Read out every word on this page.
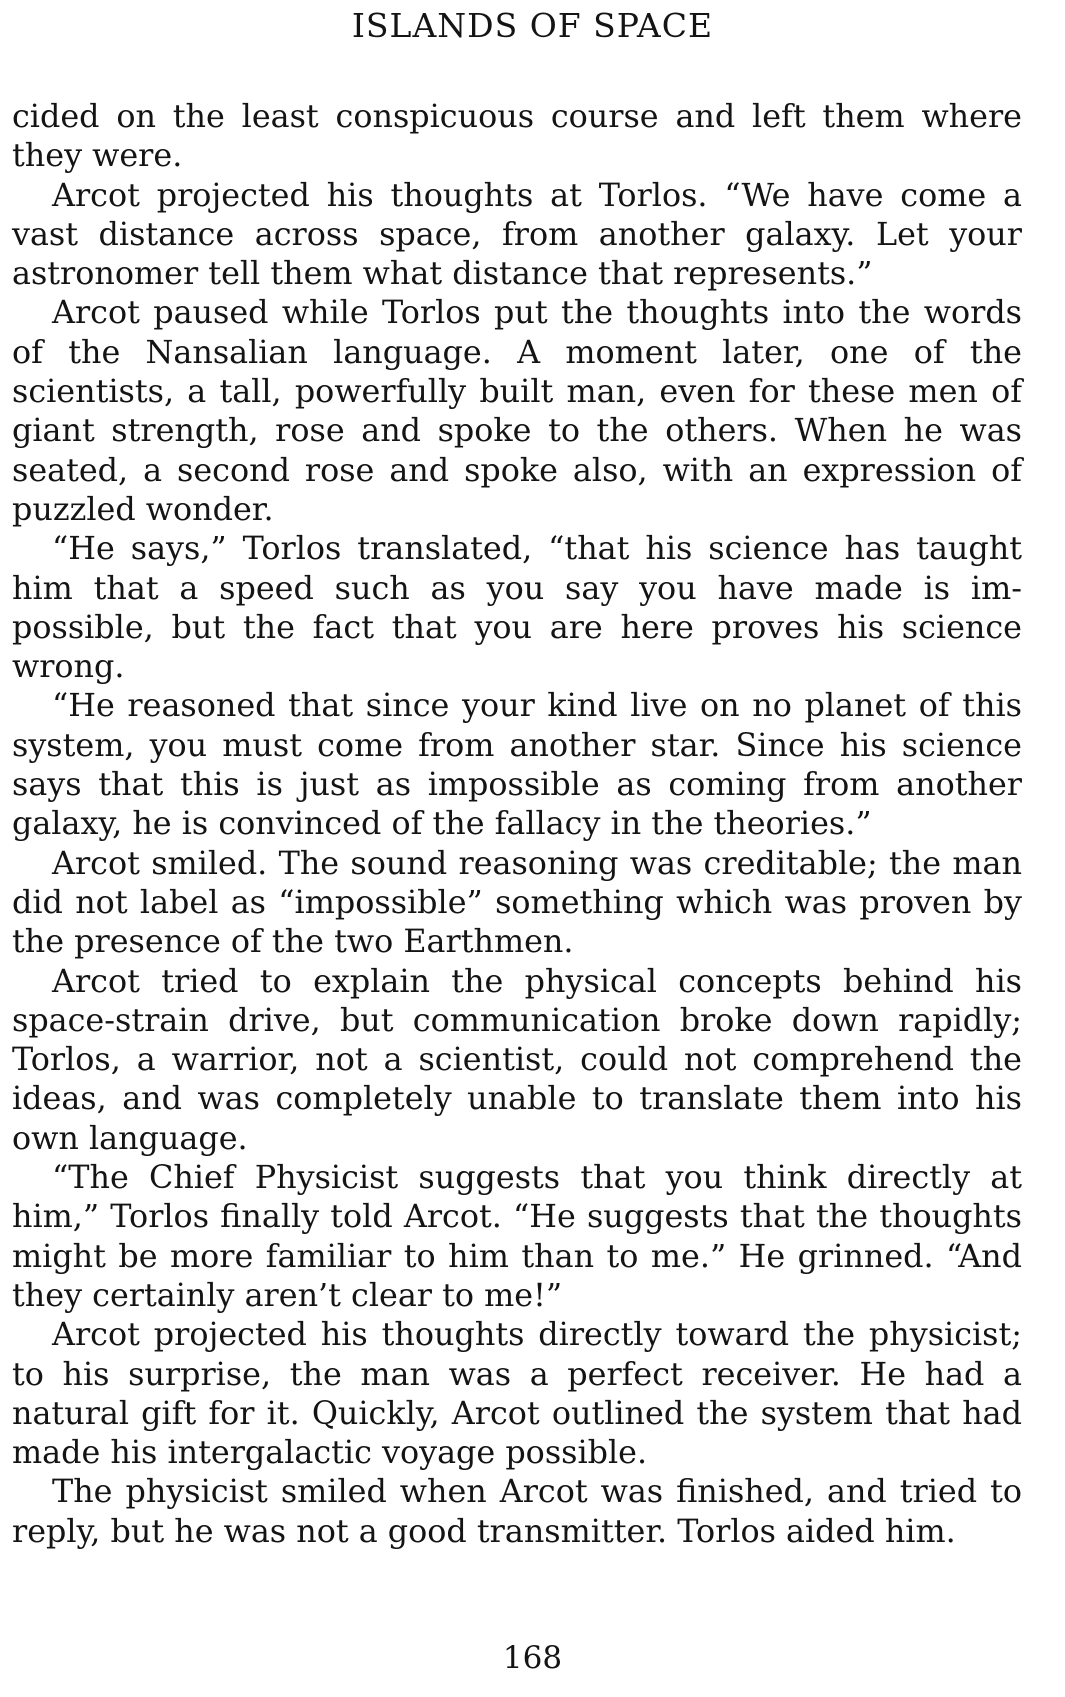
ISLANDS OF SPACE

cided on the least conspicuous course and left them where they were.

Arcot projected his thoughts at Torlos. “We have come a vast distance across space, from another galaxy. Let your astronomer tell them what distance that represents.”

Arcot paused while Torlos put the thoughts into the words of the Nansalian language. A moment later, one of the scientists, a tall, powerfully built man, even for these men of giant strength, rose and spoke to the others. When he was seated, a second rose and spoke also, with an expression of puzzled wonder.

“He says,” Torlos translated, “that his science has taught him that a speed such as you say you have made is impossible, but the fact that you are here proves his science wrong.

“He reasoned that since your kind live on no planet of this system, you must come from another star. Since his science says that this is just as impossible as coming from another galaxy, he is convinced of the fallacy in the theories.”

Arcot smiled. The sound reasoning was creditable; the man did not label as “impossible” something which was proven by the presence of the two Earthmen.

Arcot tried to explain the physical concepts behind his space-strain drive, but communication broke down rapidly; Torlos, a warrior, not a scientist, could not comprehend the ideas, and was completely unable to translate them into his own language.

“The Chief Physicist suggests that you think directly at him,” Torlos finally told Arcot. “He suggests that the thoughts might be more familiar to him than to me.” He grinned. “And they certainly aren’t clear to me!”

Arcot projected his thoughts directly toward the physicist; to his surprise, the man was a perfect receiver. He had a natural gift for it. Quickly, Arcot outlined the system that had made his intergalactic voyage possible.

The physicist smiled when Arcot was finished, and tried to reply, but he was not a good transmitter. Torlos aided him.

168
